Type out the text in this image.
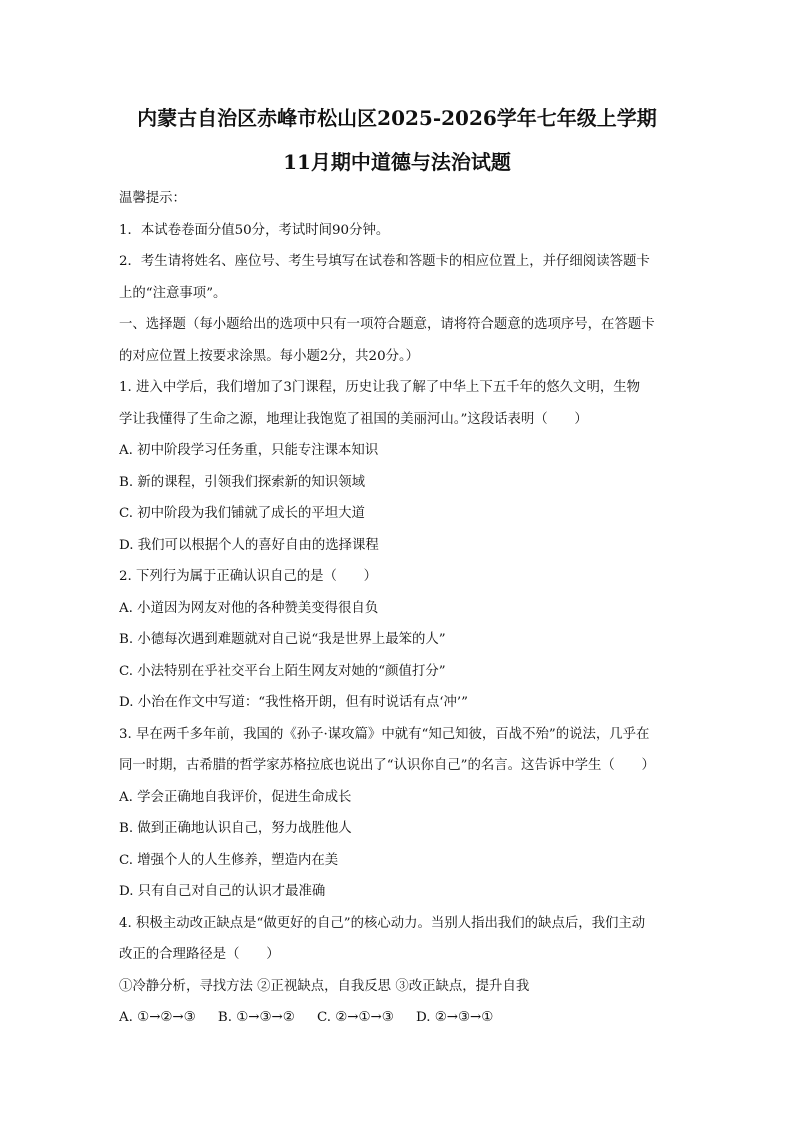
内蒙古自治区赤峰市松山区2025-2026学年七年级上学期
11月期中道德与法治试题
温馨提示：
1．本试卷卷面分值50分，考试时间90分钟。
2．考生请将姓名、座位号、考生号填写在试卷和答题卡的相应位置上，并仔细阅读答题卡
上的“注意事项”。
一、选择题（每小题给出的选项中只有一项符合题意，请将符合题意的选项序号，在答题卡
的对应位置上按要求涂黑。每小题2分，共20分。）
1. 进入中学后，我们增加了3门课程，历史让我了解了中华上下五千年的悠久文明，生物
学让我懂得了生命之源，地理让我饱览了祖国的美丽河山。”这段话表明（　　）
A. 初中阶段学习任务重，只能专注课本知识
B. 新的课程，引领我们探索新的知识领域
C. 初中阶段为我们铺就了成长的平坦大道
D. 我们可以根据个人的喜好自由的选择课程
2. 下列行为属于正确认识自己的是（　　）
A. 小道因为网友对他的各种赞美变得很自负
B. 小德每次遇到难题就对自己说“我是世界上最笨的人”
C. 小法特别在乎社交平台上陌生网友对她的“颜值打分”
D. 小治在作文中写道：“我性格开朗，但有时说话有点‘冲’”
3. 早在两千多年前，我国的《孙子·谋攻篇》中就有“知己知彼，百战不殆”的说法，几乎在
同一时期，古希腊的哲学家苏格拉底也说出了“认识你自己”的名言。这告诉中学生（　　）
A. 学会正确地自我评价，促进生命成长
B. 做到正确地认识自己，努力战胜他人
C. 增强个人的人生修养，塑造内在美
D. 只有自己对自己的认识才最准确
4. 积极主动改正缺点是“做更好的自己”的核心动力。当别人指出我们的缺点后，我们主动
改正的合理路径是（　　）
①冷静分析，寻找方法 ②正视缺点，自我反思 ③改正缺点，提升自我
A. ①→②→③ B. ①→③→② C. ②→①→③ D. ②→③→①
